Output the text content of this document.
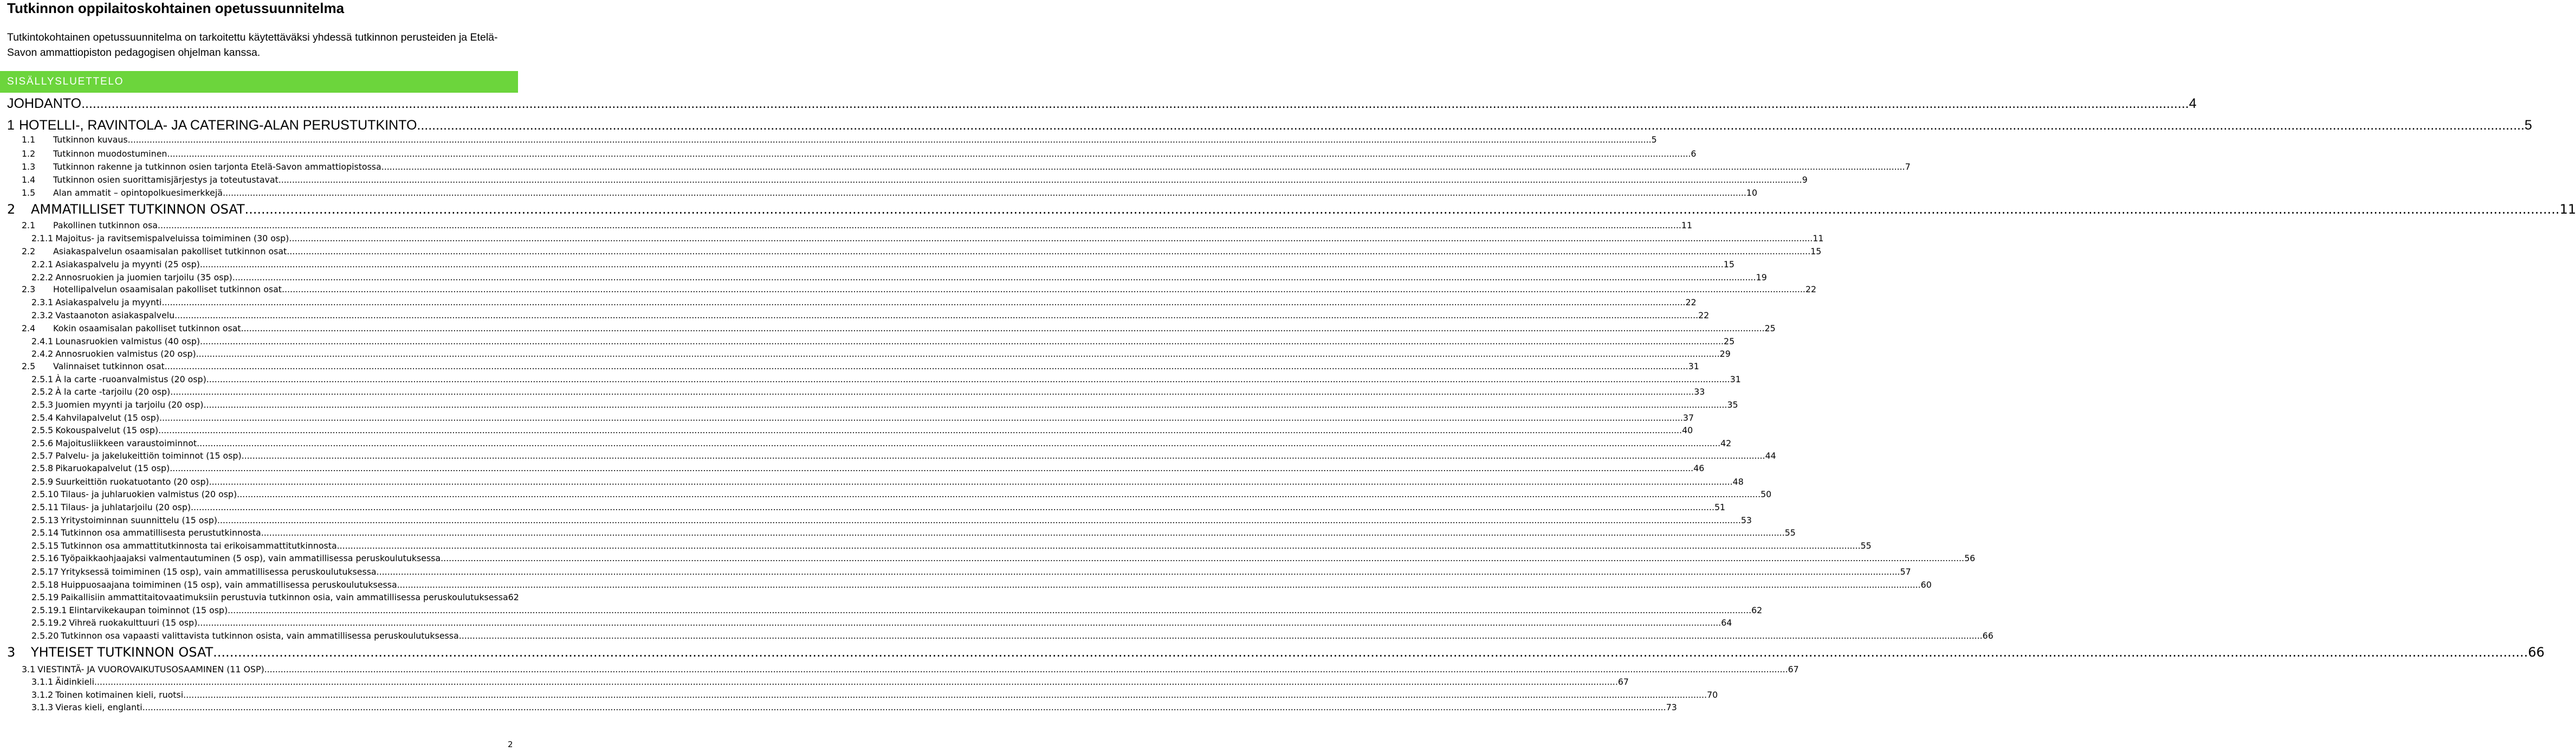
Tutkinnon oppilaitoskohtainen opetussuunnitelma
Tutkintokohtainen opetussuunnitelma on tarkoitettu käytettäväksi yhdessä tutkinnon perusteiden ja Etelä-Savon ammattiopiston pedagogisen ohjelman kanssa.
SISÄLLYSLUETTELO
JOHDANTO .....	4
1 HOTELLI-, RAVINTOLA- JA CATERING-ALAN PERUSTUTKINTO .....	5
1.1	Tutkinnon kuvaus .....	5
1.2	Tutkinnon muodostuminen .....	6
1.3	Tutkinnon rakenne ja tutkinnon osien tarjonta Etelä-Savon ammattiopistossa .....	7
1.4	Tutkinnon osien suorittamisjärjestys ja toteutustavat .....	9
1.5	Alan ammatit – opintopolkuesimerkkejä .....	10
2	AMMATILLISET TUTKINNON OSAT .....	11
2.1	Pakollinen tutkinnon osa .....	11
2.1.1 Majoitus- ja ravitsemispalveluissa toimiminen (30 osp) .....	11
2.2	Asiakaspalvelun osaamisalan pakolliset tutkinnon osat .....	15
2.2.1 Asiakaspalvelu ja myynti (25 osp) .....	15
2.2.2 Annosruokien ja juomien tarjoilu (35 osp) .....	19
2.3	Hotellipalvelun osaamisalan pakolliset tutkinnon osat .....	22
2.3.1 Asiakaspalvelu ja myynti .....	22
2.3.2 Vastaanoton asiakaspalvelu .....	22
2.4	Kokin osaamisalan pakolliset tutkinnon osat .....	25
2.4.1 Lounasruokien valmistus (40 osp) .....	25
2.4.2 Annosruokien valmistus (20 osp) .....	29
2.5	Valinnaiset tutkinnon osat .....	31
2.5.1 À la carte -ruoanvalmistus (20 osp) .....	31
2.5.2 À la carte -tarjoilu (20 osp) .....	33
2.5.3 Juomien myynti ja tarjoilu (20 osp) .....	35
2.5.4 Kahvilapalvelut (15 osp) .....	37
2.5.5 Kokouspalvelut (15 osp) .....	40
2.5.6 Majoitusliikkeen varaustoiminnot .....	42
2.5.7 Palvelu- ja jakelukeittiön toiminnot (15 osp) .....	44
2.5.8 Pikaruokapalvelut (15 osp) .....	46
2.5.9 Suurkeittiön ruokatuotanto (20 osp) .....	48
2.5.10 Tilaus- ja juhlaruokien valmistus (20 osp) .....	50
2.5.11 Tilaus- ja juhlatarjoilu (20 osp) .....	51
2.5.13 Yritystoiminnan suunnittelu (15 osp) .....	53
2.5.14 Tutkinnon osa ammatillisesta perustutkinnosta .....	55
2.5.15 Tutkinnon osa ammattitutkinnosta tai erikoisammattitutkinnosta .....	55
2.5.16 Työpaikkaohjaajaksi valmentautuminen (5 osp), vain ammatillisessa peruskoulutuksessa .....	56
2.5.17 Yrityksessä toimiminen (15 osp), vain ammatillisessa peruskoulutuksessa .....	57
2.5.18 Huippuosaajana toimiminen (15 osp), vain ammatillisessa peruskoulutuksessa .....	60
2.5.19 Paikallisiin ammattitaitovaatimuksiin perustuvia tutkinnon osia, vain ammatillisessa peruskoulutuksessa 62
2.5.19.1 Elintarvikekaupan toiminnot (15 osp) .....	62
2.5.19.2 Vihreä ruokakulttuuri (15 osp) .....	64
2.5.20 Tutkinnon osa vapaasti valittavista tutkinnon osista, vain ammatillisessa peruskoulutuksessa .....	66
3	YHTEISET TUTKINNON OSAT .....	66
3.1 VIESTINTÄ- JA VUOROVAIKUTUSOSAAMINEN (11 OSP) .....	67
3.1.1 Äidinkieli .....	67
3.1.2 Toinen kotimainen kieli, ruotsi .....	70
3.1.3 Vieras kieli, englanti .....	73
2
